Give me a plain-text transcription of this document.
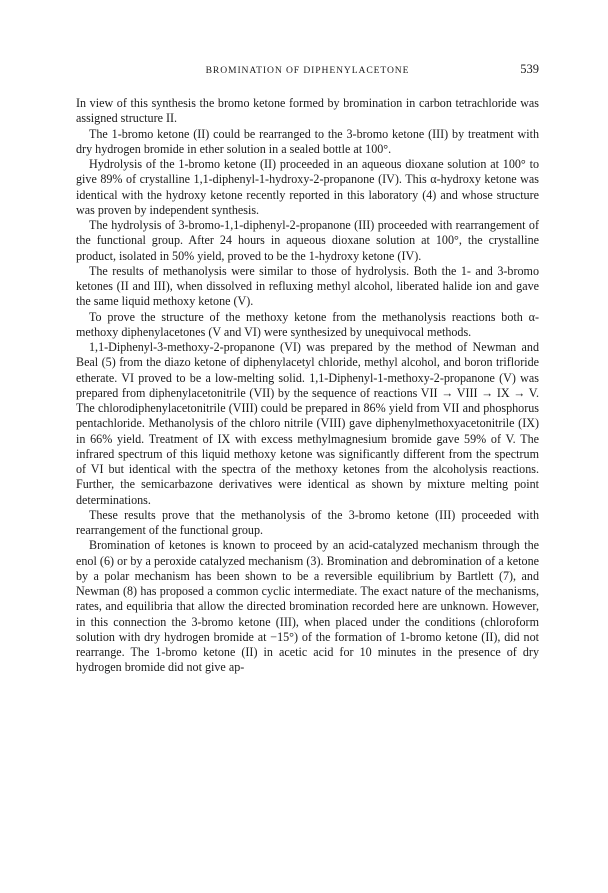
BROMINATION OF DIPHENYLACETONE	539

In view of this synthesis the bromo ketone formed by bromination in carbon tetrachloride was assigned structure II.

The 1-bromo ketone (II) could be rearranged to the 3-bromo ketone (III) by treatment with dry hydrogen bromide in ether solution in a sealed bottle at 100°.

Hydrolysis of the 1-bromo ketone (II) proceeded in an aqueous dioxane solution at 100° to give 89% of crystalline 1,1-diphenyl-1-hydroxy-2-propanone (IV). This α-hydroxy ketone was identical with the hydroxy ketone recently reported in this laboratory (4) and whose structure was proven by independent synthesis.

The hydrolysis of 3-bromo-1,1-diphenyl-2-propanone (III) proceeded with rearrangement of the functional group. After 24 hours in aqueous dioxane solution at 100°, the crystalline product, isolated in 50% yield, proved to be the 1-hydroxy ketone (IV).

The results of methanolysis were similar to those of hydrolysis. Both the 1- and 3-bromo ketones (II and III), when dissolved in refluxing methyl alcohol, liberated halide ion and gave the same liquid methoxy ketone (V).

To prove the structure of the methoxy ketone from the methanolysis reactions both α-methoxy diphenylacetones (V and VI) were synthesized by unequivocal methods.

1,1-Diphenyl-3-methoxy-2-propanone (VI) was prepared by the method of Newman and Beal (5) from the diazo ketone of diphenylacetyl chloride, methyl alcohol, and boron trifloride etherate. VI proved to be a low-melting solid. 1,1-Diphenyl-1-methoxy-2-propanone (V) was prepared from diphenylacetonitrile (VII) by the sequence of reactions VII → VIII → IX → V. The chlorodiphenylacetonitrile (VIII) could be prepared in 86% yield from VII and phosphorus pentachloride. Methanolysis of the chloro nitrile (VIII) gave diphenylmethoxyacetonitrile (IX) in 66% yield. Treatment of IX with excess methylmagnesium bromide gave 59% of V. The infrared spectrum of this liquid methoxy ketone was significantly different from the spectrum of VI but identical with the spectra of the methoxy ketones from the alcoholysis reactions. Further, the semicarbazone derivatives were identical as shown by mixture melting point determinations.

These results prove that the methanolysis of the 3-bromo ketone (III) proceeded with rearrangement of the functional group.

Bromination of ketones is known to proceed by an acid-catalyzed mechanism through the enol (6) or by a peroxide catalyzed mechanism (3). Bromination and debromination of a ketone by a polar mechanism has been shown to be a reversible equilibrium by Bartlett (7), and Newman (8) has proposed a common cyclic intermediate. The exact nature of the mechanisms, rates, and equilibria that allow the directed bromination recorded here are unknown. However, in this connection the 3-bromo ketone (III), when placed under the conditions (chloroform solution with dry hydrogen bromide at −15°) of the formation of 1-bromo ketone (II), did not rearrange. The 1-bromo ketone (II) in acetic acid for 10 minutes in the presence of dry hydrogen bromide did not give ap-
